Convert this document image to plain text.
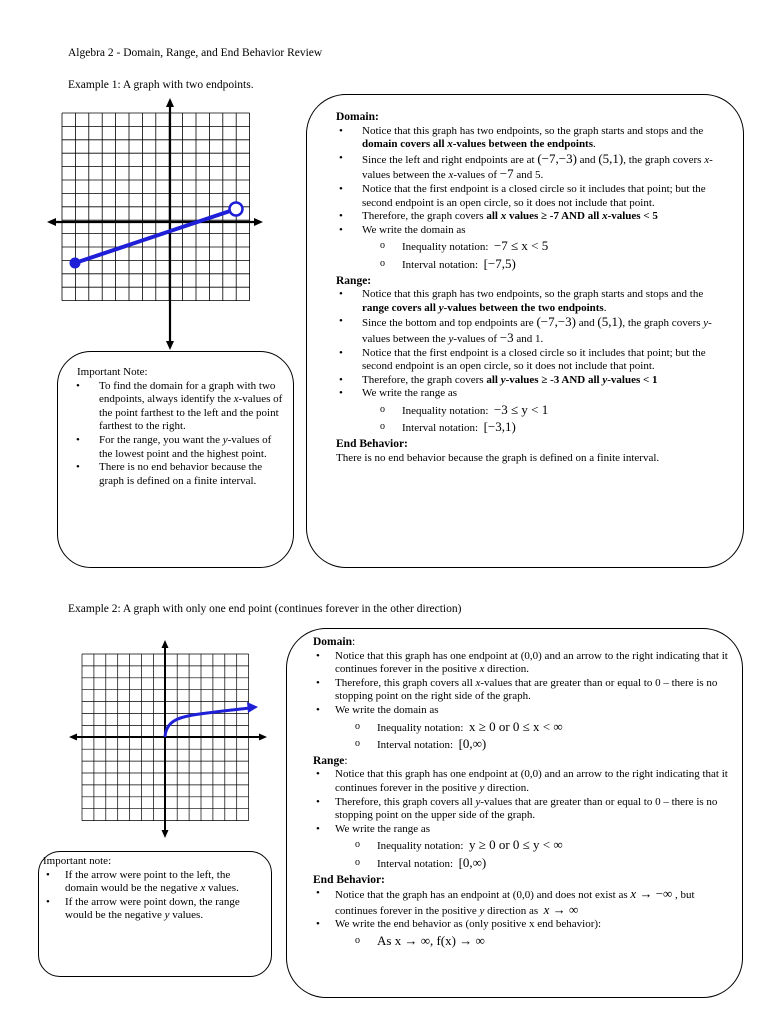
Algebra 2 - Domain, Range, and End Behavior Review
Example 1: A graph with two endpoints.

Important Note:

• To find the domain for a graph with two endpoints, always identify the x-values of the point farthest to the left and the point farthest to the right.
• For the range, you want the y-values of the lowest point and the highest point.
• There is no end behavior because the graph is defined on a finite interval.
Domain:
• Notice that this graph has two endpoints, so the graph starts and stops and the domain covers all x-values between the endpoints.
• Since the left and right endpoints are at (−7,−3) and (5,1), the graph covers x-values between the x-values of −7 and 5.
• Notice that the first endpoint is a closed circle so it includes that point; but the second endpoint is an open circle, so it does not include that point.
• Therefore, the graph covers all x values ≥ -7 AND all x-values < 5
• We write the domain as
o Inequality notation: −7 ≤ x < 5
o Interval notation: [−7,5)
Range:
• Notice that this graph has two endpoints, so the graph starts and stops and the range covers all y-values between the two endpoints.
• Since the bottom and top endpoints are (−7,−3) and (5,1), the graph covers y-values between the y-values of −3 and 1.
• Notice that the first endpoint is a closed circle so it includes that point; but the second endpoint is an open circle, so it does not include that point.
• Therefore, the graph covers all y-values ≥ -3 AND all y-values < 1
• We write the range as
o Inequality notation: −3 ≤ y < 1
o Interval notation: [−3,1)
End Behavior:

There is no end behavior because the graph is defined on a finite interval.

Example 2: A graph with only one end point (continues forever in the other direction)

Important note:

• If the arrow were point to the left, the domain would be the negative x values.
• If the arrow were point down, the range would be the negative y values.
Domain:
• Notice that this graph has one endpoint at (0,0) and an arrow to the right indicating that it continues forever in the positive x direction.
• Therefore, this graph covers all x-values that are greater than or equal to 0 – there is no stopping point on the right side of the graph.
• We write the domain as
o Inequality notation: x ≥ 0 or 0 ≤ x < ∞
o Interval notation: [0,∞)
Range:
• Notice that this graph has one endpoint at (0,0) and an arrow to the right indicating that it continues forever in the positive y direction.
• Therefore, this graph covers all y-values that are greater than or equal to 0 – there is no stopping point on the upper side of the graph.
• We write the range as
o Inequality notation: y ≥ 0 or 0 ≤ y < ∞
o Interval notation: [0,∞)
End Behavior:
• Notice that the graph has an endpoint at (0,0) and does not exist as x → −∞ , but continues forever in the positive y direction as  x → ∞
• We write the end behavior as (only positive x end behavior):
o As x → ∞, f(x) → ∞
